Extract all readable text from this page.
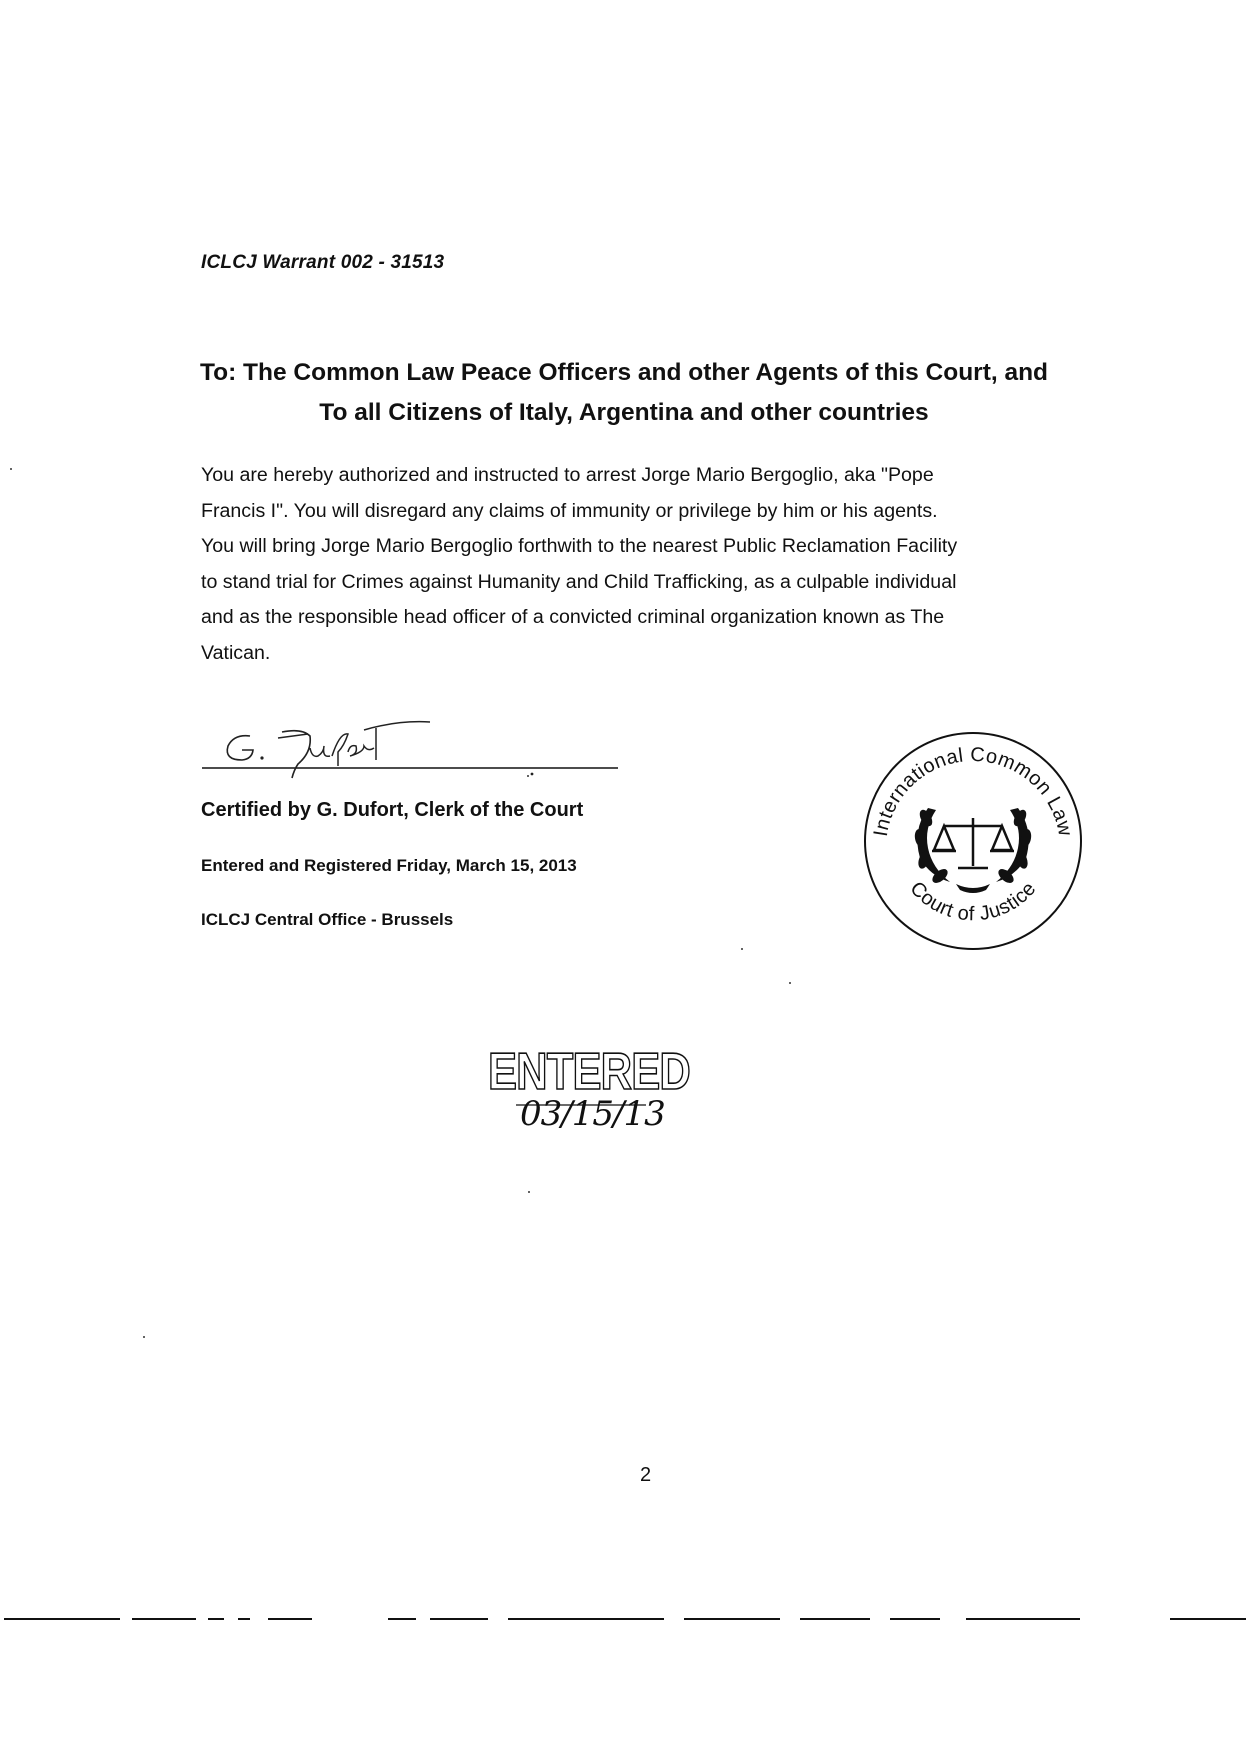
ICLCJ Warrant 002 - 31513
To: The Common Law Peace Officers and other Agents of this Court, and
To all Citizens of Italy, Argentina and other countries
You are hereby authorized and instructed to arrest Jorge Mario Bergoglio, aka "Pope
Francis I". You will disregard any claims of immunity or privilege by him or his agents.
You will bring Jorge Mario Bergoglio forthwith to the nearest Public Reclamation Facility
to stand trial for Crimes against Humanity and Child Trafficking, as a culpable individual
and as the responsible head officer of a convicted criminal organization known as The
Vatican.
Certified by G. Dufort, Clerk of the Court
Entered and Registered Friday, March 15, 2013
ICLCJ Central Office - Brussels
International Common Law
Court of Justice
ENTERED
03/15/13
2
